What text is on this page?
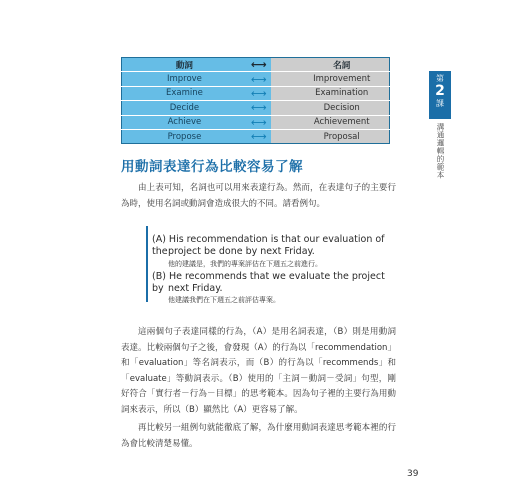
動詞	⟷		名詞
Improve	⟷		Improvement
Examine	⟷		Examination
Decide	⟷		Decision
Achieve	⟷		Achievement
Propose	⟷		Proposal
第
2
課
溝通邏輯的範本
用動詞表達行為比較容易了解

由上表可知，名詞也可以用來表達行為。然而，在表達句子的主要行為時，使用名詞或動詞會造成很大的不同。請看例句。

(A) His recommendation is that our evaluation of the project be done by next Friday.
他的建議是，我們的專案評估在下週五之前進行。
(B) He recommends that we evaluate the project by next Friday.
他建議我們在下週五之前評估專案。

這兩個句子表達同樣的行為，（A）是用名詞表達，（B）則是用動詞表達。比較兩個句子之後，會發現（A）的行為以「recommendation」和「evaluation」等名詞表示，而（B）的行為以「recommends」和「evaluate」等動詞表示。（B）使用的「主詞－動詞－受詞」句型，剛好符合「實行者－行為－目標」的思考範本。因為句子裡的主要行為用動詞來表示，所以（B）顯然比（A）更容易了解。

再比較另一組例句就能徹底了解，為什麼用動詞表達思考範本裡的行為會比較清楚易懂。

39
